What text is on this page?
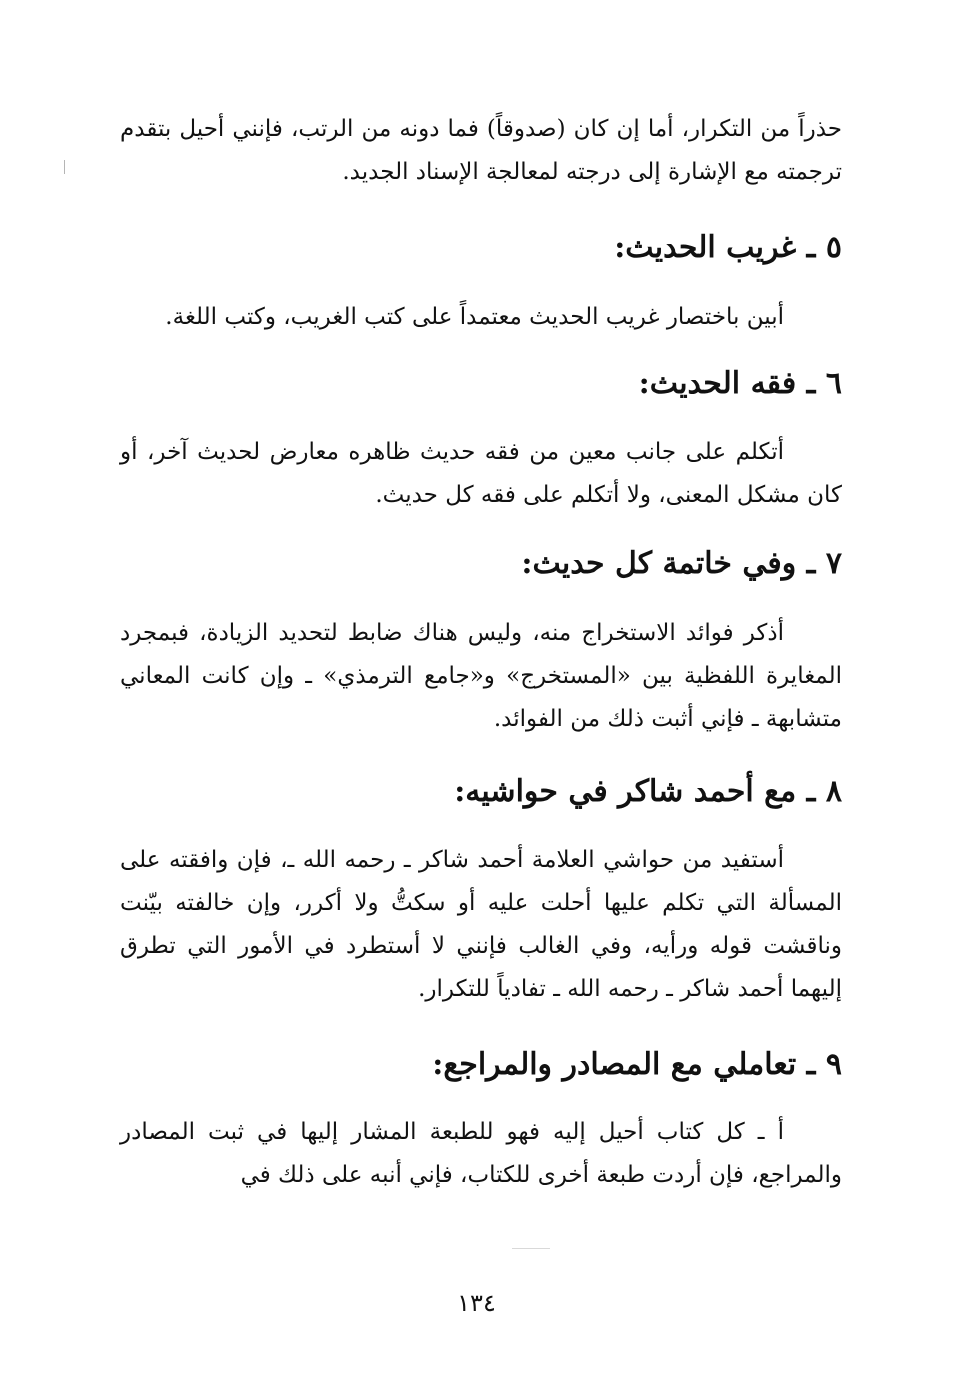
حذراً من التكرار، أما إن كان (صدوقاً) فما دونه من الرتب، فإنني أحيل بتقدم ترجمته مع الإشارة إلى درجته لمعالجة الإسناد الجديد.

٥ ـ غريب الحديث:

أبين باختصار غريب الحديث معتمداً على كتب الغريب، وكتب اللغة.

٦ ـ فقه الحديث:

أتكلم على جانب معين من فقه حديث ظاهره معارض لحديث آخر، أو كان مشكل المعنى، ولا أتكلم على فقه كل حديث.

٧ ـ وفي خاتمة كل حديث:

أذكر فوائد الاستخراج منه، وليس هناك ضابط لتحديد الزيادة، فبمجرد المغايرة اللفظية بين «المستخرج» و«جامع الترمذي» ـ وإن كانت المعاني متشابهة ـ فإني أثبت ذلك من الفوائد.

٨ ـ مع أحمد شاكر في حواشيه:

أستفيد من حواشي العلامة أحمد شاكر ـ رحمه الله ـ، فإن وافقته على المسألة التي تكلم عليها أحلت عليه أو سكتُّ ولا أكرر، وإن خالفته بيّنت وناقشت قوله ورأيه، وفي الغالب فإنني لا أستطرد في الأمور التي تطرق إليهما أحمد شاكر ـ رحمه الله ـ تفادياً للتكرار.

٩ ـ تعاملي مع المصادر والمراجع:

أ ـ كل كتاب أحيل إليه فهو للطبعة المشار إليها في ثبت المصادر والمراجع، فإن أردت طبعة أخرى للكتاب، فإني أنبه على ذلك في

١٣٤
